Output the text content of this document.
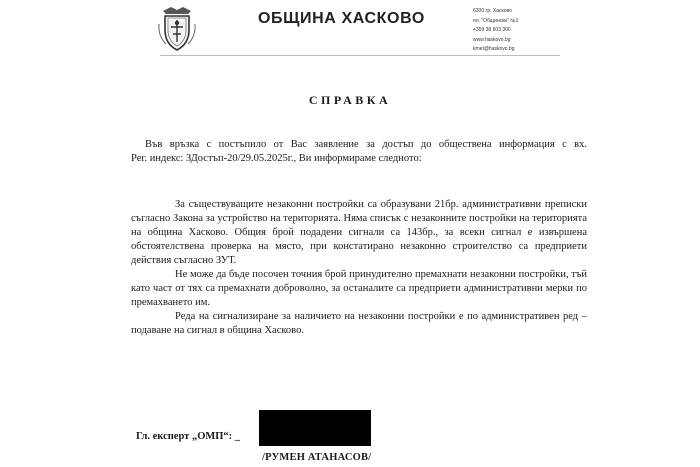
ОБЩИНА ХАСКОВО	6300 гр. Хасково
пл. "Общински" №1
+359 38 603 300
www.haskovo.bg
kmet@haskovo.bg
СПРАВКА

Във връзка с постъпило от Вас заявление за достъп до обществена информация с вх.

Рег. индекс: ЗДостъп-20/29.05.2025г., Ви информираме следното:

За съществуващите незаконни постройки са образувани 21бр. административни преписки съгласно Закона за устройство на територията. Няма списък с незаконните постройки на територията на община Хасково. Общия брой подадени сигнали са 143бр., за всеки сигнал е извършена обстоятелствена проверка на място, при констатирано незаконно строителство са предприети действия съгласно ЗУТ.

Не може да бъде посочен точния брой принудително премахнати незаконни постройки, тъй като част от тях са премахнати доброволно, за останалите са предприети административни мерки по премахването им.

Реда на сигнализиране за наличието на незаконни постройки е по административен ред – подаване на сигнал в община Хасково.

Гл. експерт „ОМП“: _
/РУМЕН АТАНАСОВ/
